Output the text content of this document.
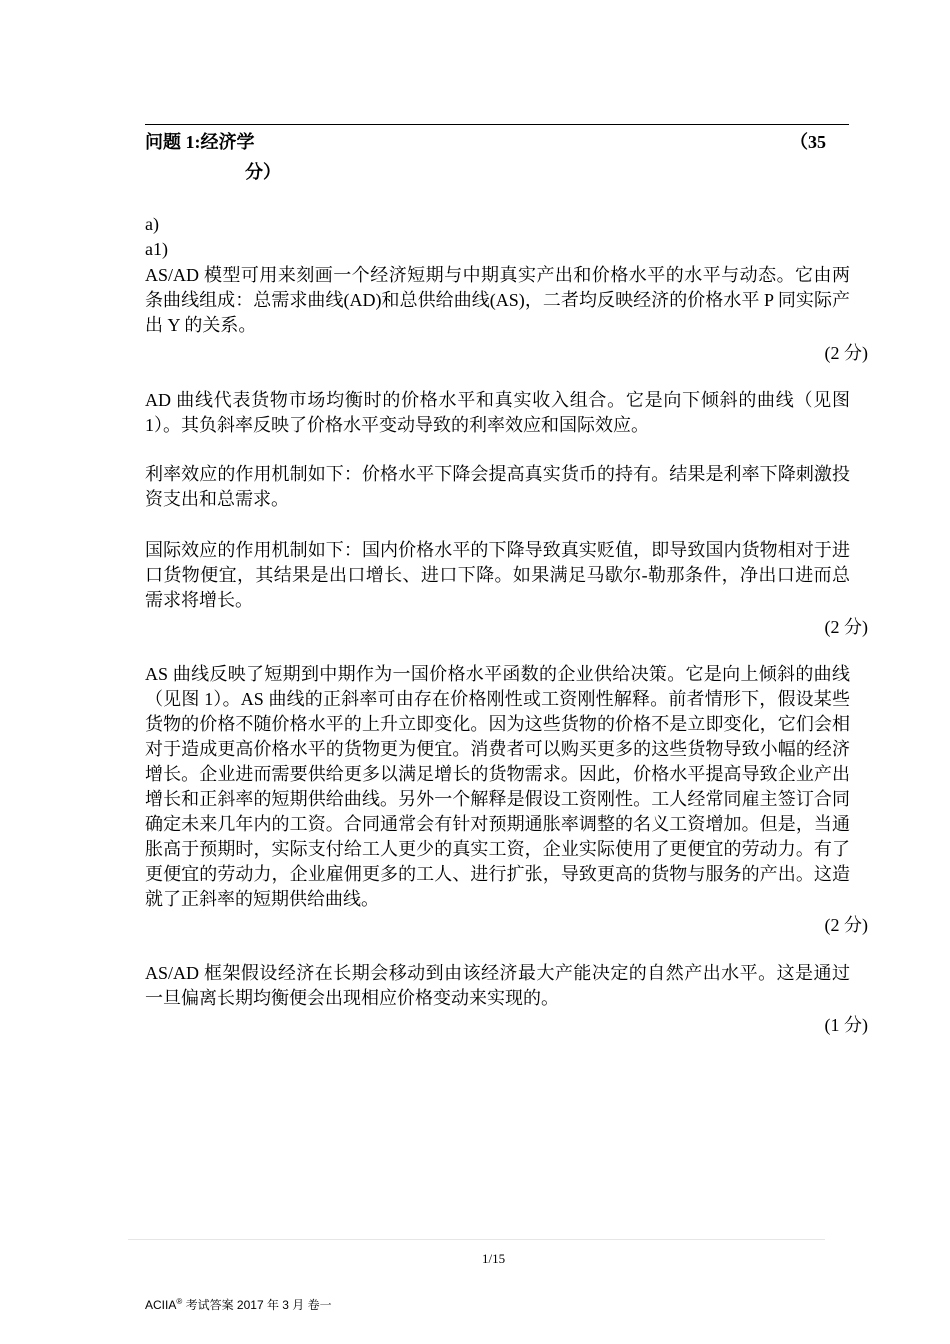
问题 1:经济学	（35
分）
a)
a1)
AS/AD 模型可用来刻画一个经济短期与中期真实产出和价格水平的水平与动态。它由两条曲线组成：总需求曲线(AD)和总供给曲线(AS)，二者均反映经济的价格水平 P 同实际产出 Y 的关系。
(2 分)
AD 曲线代表货物市场均衡时的价格水平和真实收入组合。它是向下倾斜的曲线（见图 1）。其负斜率反映了价格水平变动导致的利率效应和国际效应。
利率效应的作用机制如下：价格水平下降会提高真实货币的持有。结果是利率下降刺激投资支出和总需求。
国际效应的作用机制如下：国内价格水平的下降导致真实贬值，即导致国内货物相对于进口货物便宜，其结果是出口增长、进口下降。如果满足马歇尔-勒那条件，净出口进而总需求将增长。
(2 分)
AS 曲线反映了短期到中期作为一国价格水平函数的企业供给决策。它是向上倾斜的曲线（见图 1）。AS 曲线的正斜率可由存在价格刚性或工资刚性解释。前者情形下，假设某些货物的价格不随价格水平的上升立即变化。因为这些货物的价格不是立即变化，它们会相对于造成更高价格水平的货物更为便宜。消费者可以购买更多的这些货物导致小幅的经济增长。企业进而需要供给更多以满足增长的货物需求。因此，价格水平提高导致企业产出增长和正斜率的短期供给曲线。另外一个解释是假设工资刚性。工人经常同雇主签订合同确定未来几年内的工资。合同通常会有针对预期通胀率调整的名义工资增加。但是，当通胀高于预期时，实际支付给工人更少的真实工资，企业实际使用了更便宜的劳动力。有了更便宜的劳动力，企业雇佣更多的工人、进行扩张，导致更高的货物与服务的产出。这造就了正斜率的短期供给曲线。
(2 分)
AS/AD 框架假设经济在长期会移动到由该经济最大产能决定的自然产出水平。这是通过一旦偏离长期均衡便会出现相应价格变动来实现的。
(1 分)
1/15
ACIIA® 考试答案 2017 年 3 月 卷一
